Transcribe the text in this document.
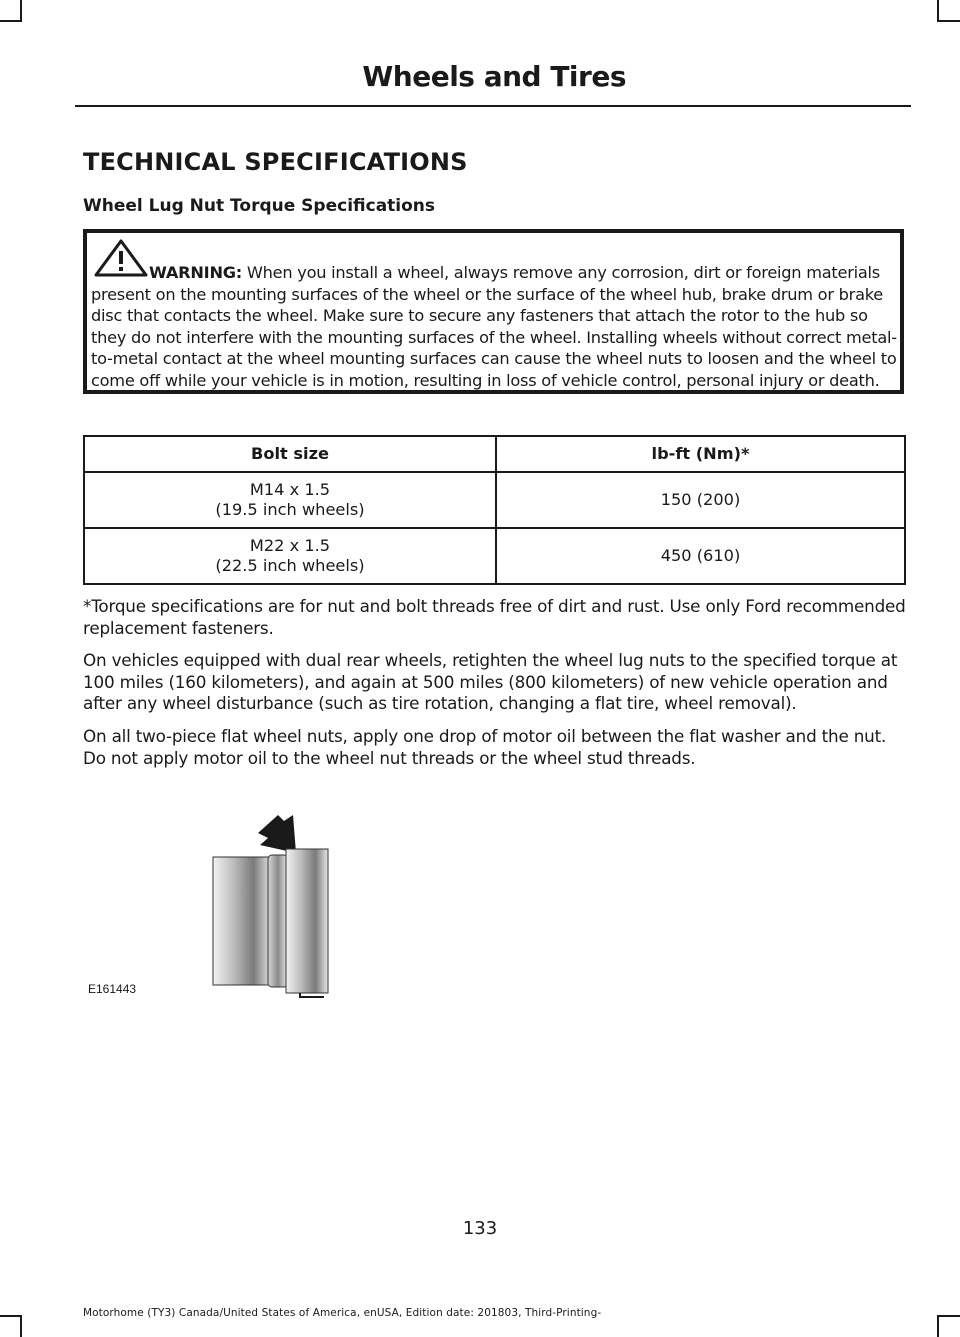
Wheels and Tires
TECHNICAL SPECIFICATIONS
Wheel Lug Nut Torque Specifications
WARNING: When you install a wheel, always remove any corrosion, dirt or foreign materials present on the mounting surfaces of the wheel or the surface of the wheel hub, brake drum or brake disc that contacts the wheel. Make sure to secure any fasteners that attach the rotor to the hub so they do not interfere with the mounting surfaces of the wheel. Installing wheels without correct metal-to-metal contact at the wheel mounting surfaces can cause the wheel nuts to loosen and the wheel to come off while your vehicle is in motion, resulting in loss of vehicle control, personal injury or death.
Bolt size	lb-ft (Nm)*

M14 x 1.5
(19.5 inch wheels)	150 (200)

M22 x 1.5
(22.5 inch wheels)	450 (610)
*Torque specifications are for nut and bolt threads free of dirt and rust. Use only Ford recommended replacement fasteners.
On vehicles equipped with dual rear wheels, retighten the wheel lug nuts to the specified torque at 100 miles (160 kilometers), and again at 500 miles (800 kilometers) of new vehicle operation and after any wheel disturbance (such as tire rotation, changing a flat tire, wheel removal).
On all two-piece flat wheel nuts, apply one drop of motor oil between the flat washer and the nut. Do not apply motor oil to the wheel nut threads or the wheel stud threads.
E161443
133
Motorhome (TY3) Canada/United States of America, enUSA, Edition date: 201803, Third-Printing-
